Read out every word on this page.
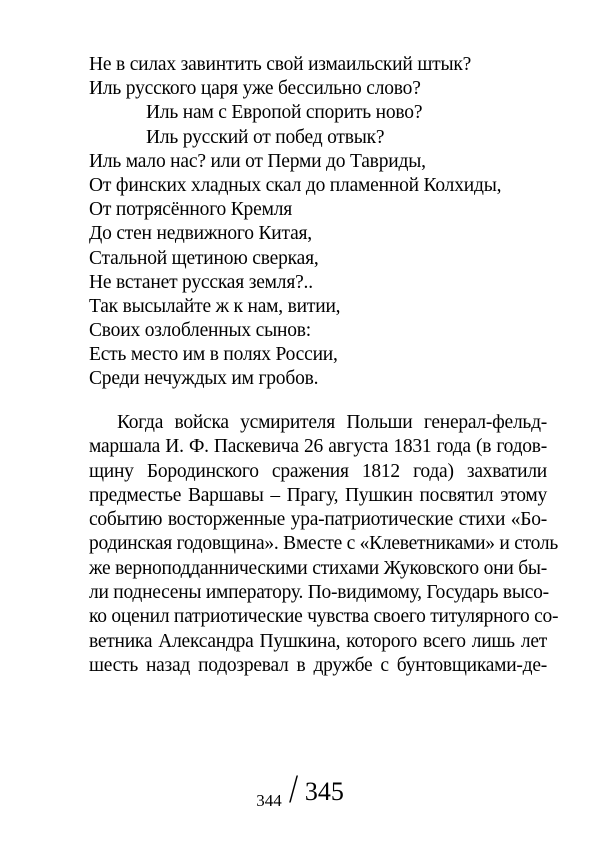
Не в силах завинтить свой измаильский штык?
Иль русского царя уже бессильно слово?
Иль нам с Европой спорить ново?
Иль русский от побед отвык?
Иль мало нас? или от Перми до Тавриды,
От финских хладных скал до пламенной Колхиды,
От потрясённого Кремля
До стен недвижного Китая,
Стальной щетиною сверкая,
Не встанет русская земля?..
Так высылайте ж к нам, витии,
Своих озлобленных сынов:
Есть место им в полях России,
Среди нечуждых им гробов.
Когда войска усмирителя Польши генерал-фельд-
маршала И. Ф. Паскевича 26 августа 1831 года (в годов-
щину Бородинского сражения 1812 года) захватили
предместье Варшавы – Прагу, Пушкин посвятил этому
событию восторженные ура-патриотические стихи «Бо-
родинская годовщина». Вместе с «Клеветниками» и столь
же верноподданническими стихами Жуковского они бы-
ли поднесены императору. По-видимому, Государь высо-
ко оценил патриотические чувства своего титулярного со-
ветника Александра Пушкина, которого всего лишь лет
шесть назад подозревал в дружбе с бунтовщиками-де-
344 / 345
